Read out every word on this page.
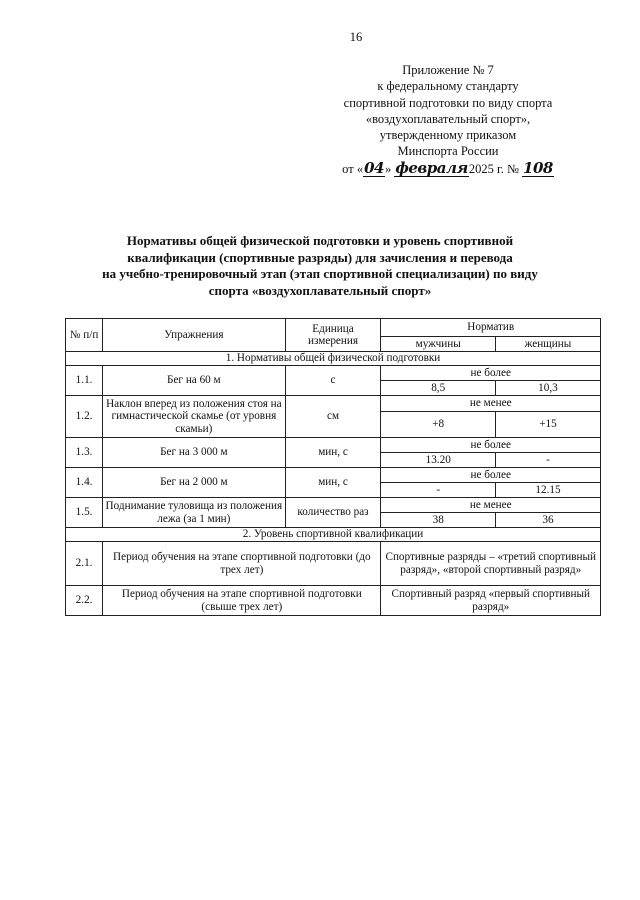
16
Приложение № 7
к федеральному стандарту
спортивной подготовки по виду спорта
«воздухоплавательный спорт»,
утвержденному приказом
Минспорта России
от «04» февраля2025 г. № 108
Нормативы общей физической подготовки и уровень спортивной
квалификации (спортивные разряды) для зачисления и перевода
на учебно-тренировочный этап (этап спортивной специализации) по виду
спорта «воздухоплавательный спорт»
№ п/п	Упражнения	Единица измерения	Норматив	
			мужчины	женщины
1. Нормативы общей физической подготовки				
1.1.	Бег на 60 м	с	не более	
			8,5	10,3
1.2.	Наклон вперед из положения стоя на гимнастической скамье (от уровня скамьи)	см	не менее	
			+8	+15
1.3.	Бег на 3 000 м	мин, с	не более	
			13.20	-
1.4.	Бег на 2 000 м	мин, с	не более	
			-	12.15
1.5.	Поднимание туловища из положения лежа (за 1 мин)	количество раз	не менее	
			38	36
2. Уровень спортивной квалификации				
2.1.	Период обучения на этапе спортивной подготовки (до трех лет)		Спортивные разряды – «третий спортивный разряд», «второй спортивный разряд»	
2.2.	Период обучения на этапе спортивной подготовки (свыше трех лет)		Спортивный разряд «первый спортивный разряд»	
